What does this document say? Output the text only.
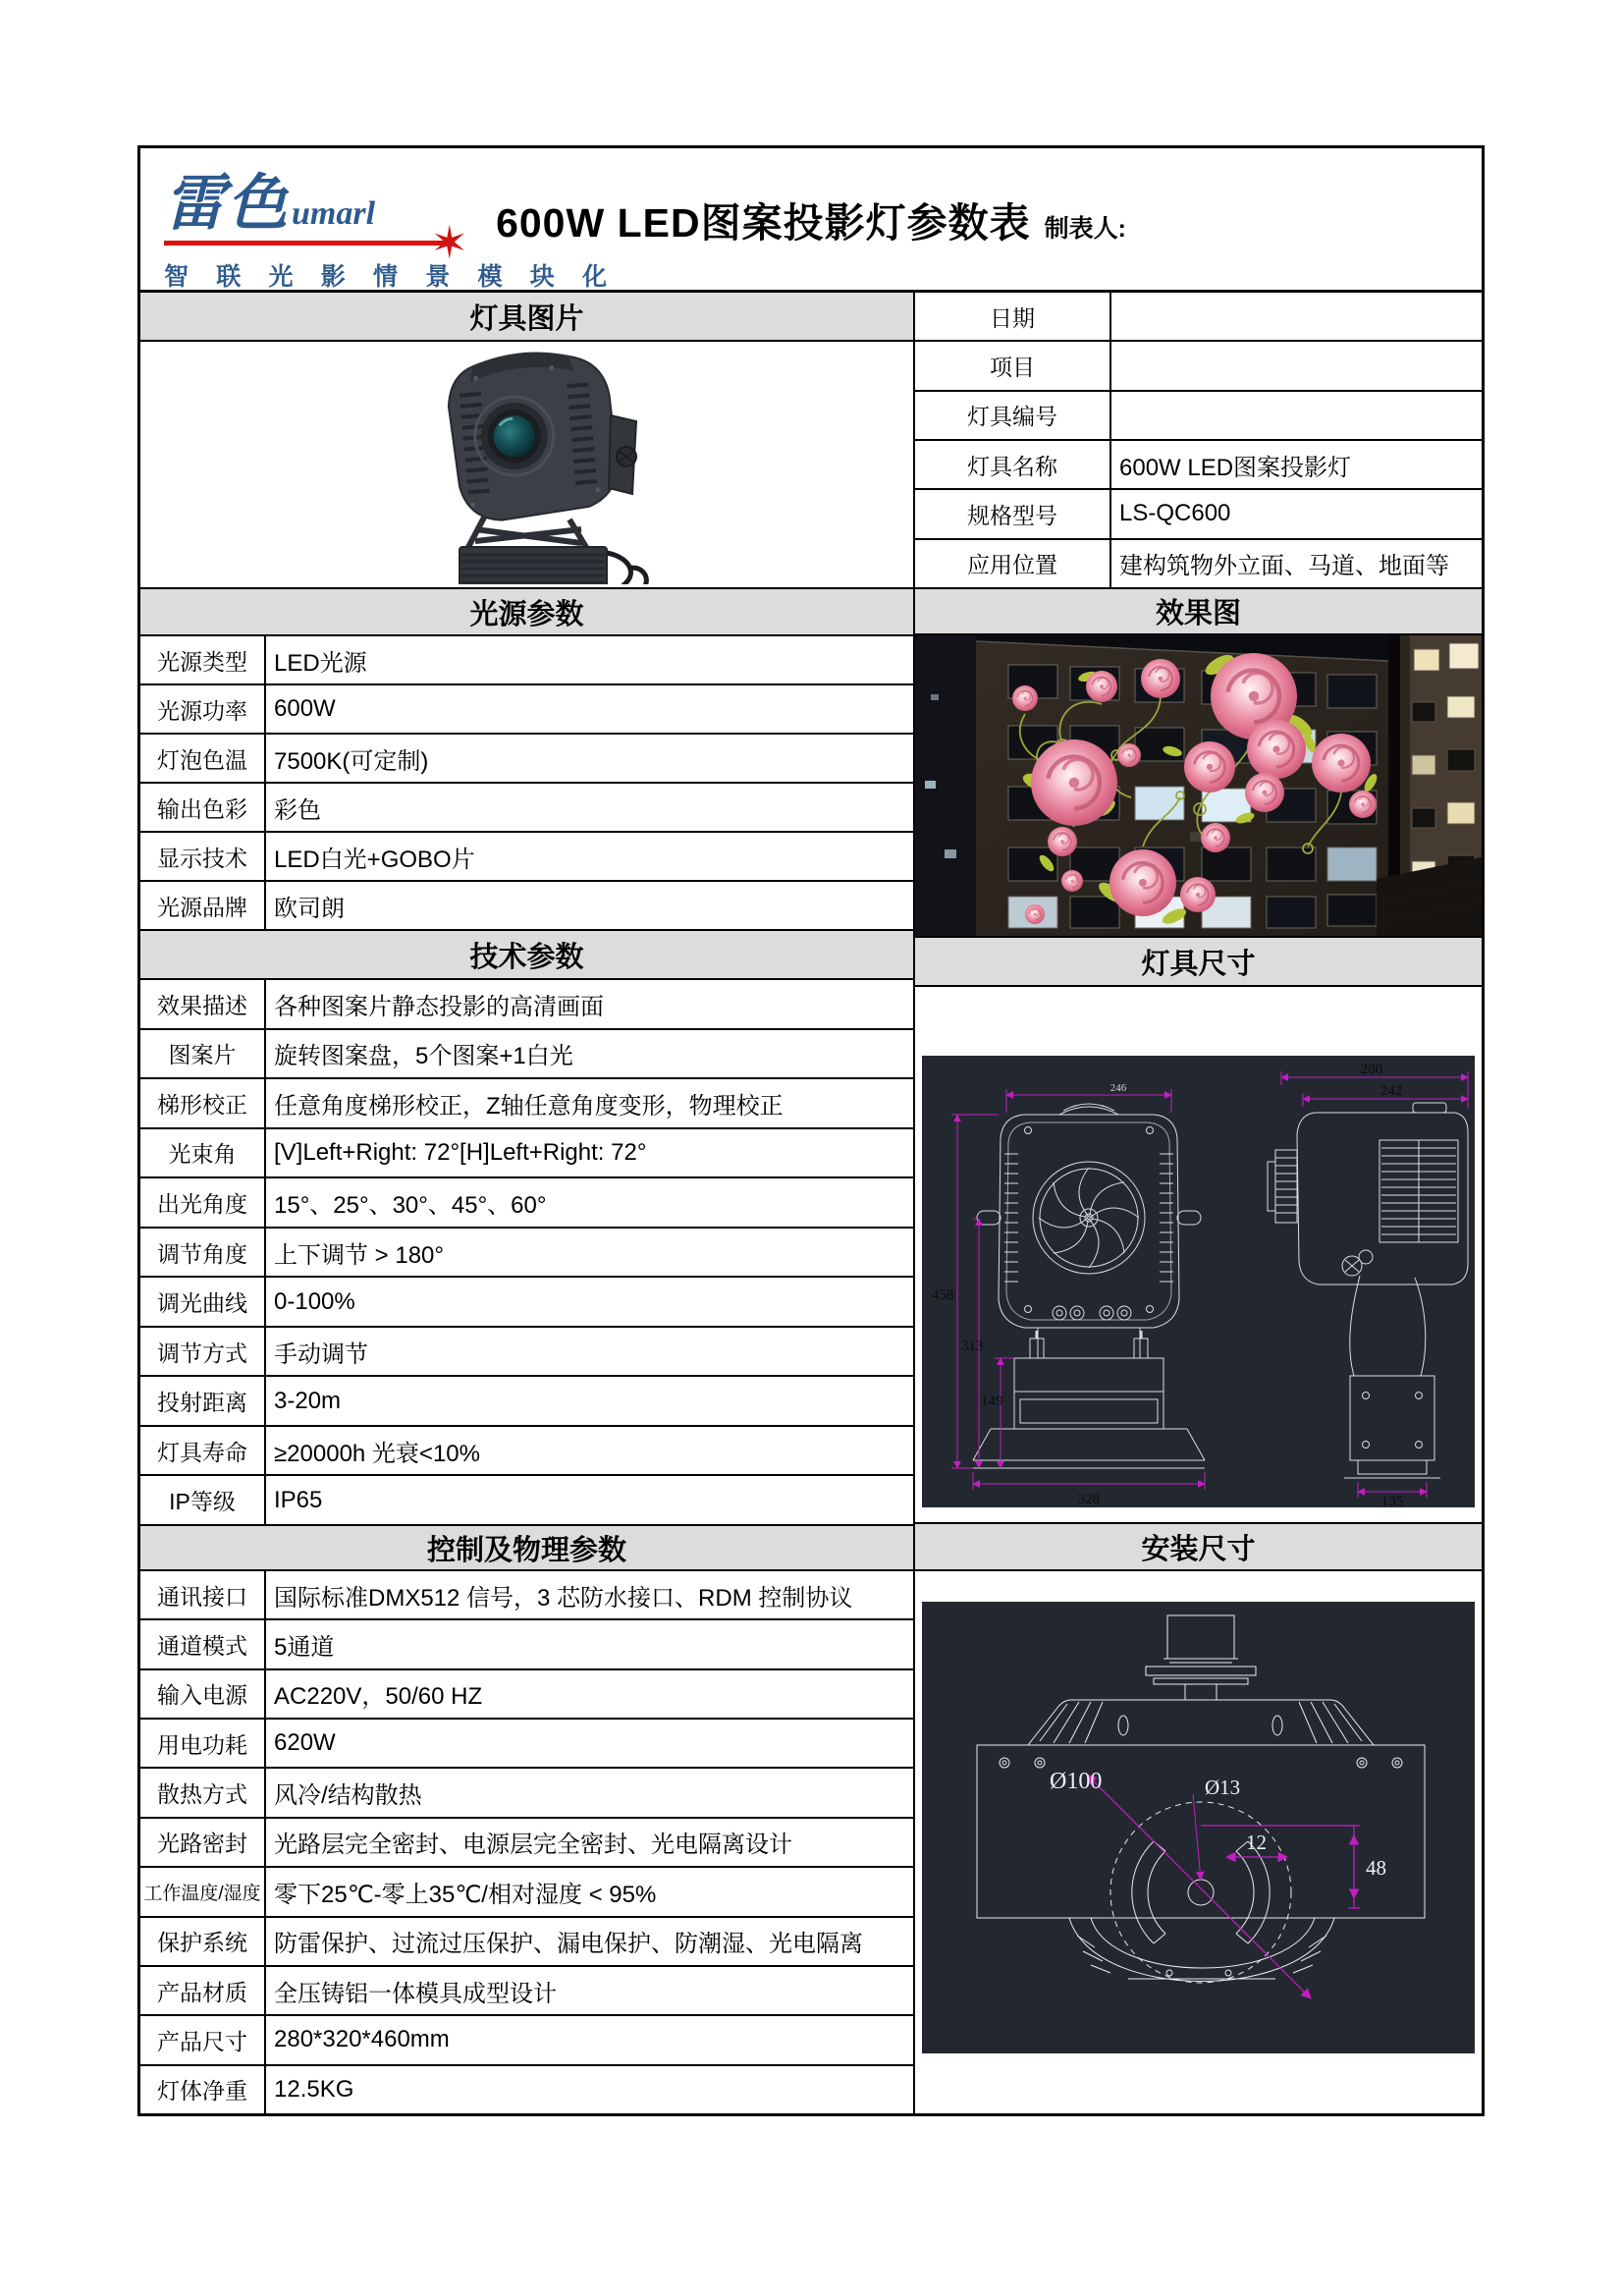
600W LED图案投影灯参数表 制表人:
雷色umarl
✶
智 联 光 影 情 景 模 块 化
灯具图片
光源参数
光源类型	LED光源
光源功率	600W
灯泡色温	7500K(可定制)
输出色彩	彩色
显示技术	LED白光+GOBO片
光源品牌	欧司朗
技术参数
效果描述	各种图案片静态投影的高清画面
图案片	旋转图案盘，5个图案+1白光
梯形校正	任意角度梯形校正，Z轴任意角度变形，物理校正
光束角	[V]Left+Right: 72°[H]Left+Right: 72°
出光角度	15°、25°、30°、45°、60°
调节角度	上下调节 > 180°
调光曲线	0-100%
调节方式	手动调节
投射距离	3-20m
灯具寿命	≥20000h 光衰<10%
IP等级	IP65
控制及物理参数
通讯接口	国际标准DMX512 信号，3 芯防水接口、RDM 控制协议
通道模式	5通道
输入电源	AC220V，50/60 HZ
用电功耗	620W
散热方式	风冷/结构散热
光路密封	光路层完全密封、电源层完全密封、光电隔离设计
工作温度/湿度 零下25℃-零上35℃/相对湿度 < 95%
保护系统	防雷保护、过流过压保护、漏电保护、防潮湿、光电隔离
产品材质	全压铸铝一体模具成型设计
产品尺寸	280*320*460mm
灯体净重	12.5KG
日期
项目
灯具编号
灯具名称	600W LED图案投影灯
规格型号	LS-QC600
应用位置	建构筑物外立面、马道、地面等
效果图
灯具尺寸
458
313
149
328
280
242
135
246
安装尺寸
Ø100	Ø13
12
48
